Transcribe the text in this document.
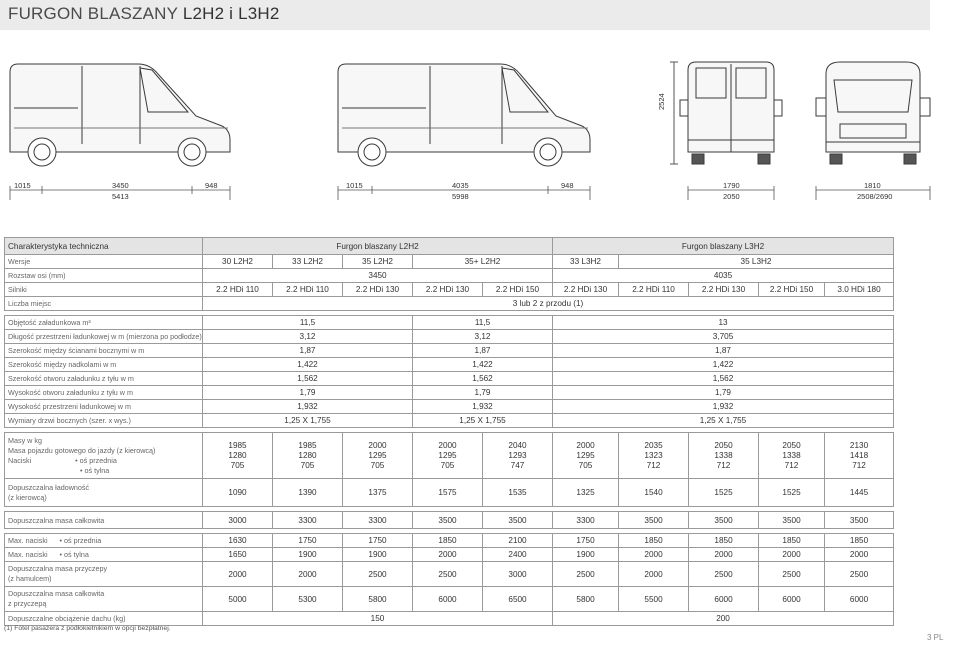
FURGON BLASZANY L2H2 i L3H2
1015	3450	948
5413
1015	4035	948
5998
2524
1790
2050
1810
2508/2690
Charakterystyka techniczna	Furgon blaszany L2H2					Furgon blaszany L3H2				
Wersje	30 L2H2	33 L2H2	35 L2H2	35+ L2H2		33 L3H2	35 L3H2			
Rozstaw osi (mm)	3450					4035				
Silniki	2.2 HDi 110	2.2 HDi 110	2.2 HDi 130	2.2 HDi 130	2.2 HDi 150	2.2 HDi 130	2.2 HDi 110	2.2 HDi 130	2.2 HDi 150	3.0 HDi 180
Liczba miejsc	3 lub 2 z przodu (1)									

Objętość załadunkowa m³	11,5			11,5		13				
Długość przestrzeni ładunkowej w m (mierzona po podłodze)	3,12			3,12		3,705				
Szerokość między ścianami bocznymi w m	1,87			1,87		1,87				
Szerokość między nadkolami w m	1,422			1,422		1,422				
Szerokość otworu załadunku z tyłu w m	1,562			1,562		1,562				
Wysokość otworu załadunku z tyłu w m	1,79			1,79		1,79				
Wysokość przestrzeni ładunkowej w m	1,932			1,932		1,932				
Wymiary drzwi bocznych (szer. x wys.)	1,25 X 1,755			1,25 X 1,755		1,25 X 1,755				

Masy w kg
Masa pojazdu gotowego do jazdy (z kierowcą)
Naciski • oś przednia
• oś tylna	1985
1280
705	1985
1280
705	2000
1295
705	2000
1295
705	2040
1293
747	2000
1295
705	2035
1323
712	2050
1338
712	2050
1338
712	2130
1418
712

Dopuszczalna ładowność
(z kierowcą)	1090	1390	1375	1575	1535	1325	1540	1525	1525	1445

Dopuszczalna masa całkowita	3000	3300	3300	3500	3500	3300	3500	3500	3500	3500

Max. naciski • oś przednia	1630	1750	1750	1850	2100	1750	1850	1850	1850	1850
Max. naciski • oś tylna	1650	1900	1900	2000	2400	1900	2000	2000	2000	2000

Dopuszczalna masa przyczepy
(z hamulcem)	2000	2000	2500	2500	3000	2500	2000	2500	2500	2500

Dopuszczalna masa całkowita
z przyczepą	5000	5300	5800	6000	6500	5800	5500	6000	6000	6000
Dopuszczalne obciążenie dachu (kg)	150					200				
(1) Fotel pasażera z podłokietnikiem w opcji bezpłatnej.
3 PL
